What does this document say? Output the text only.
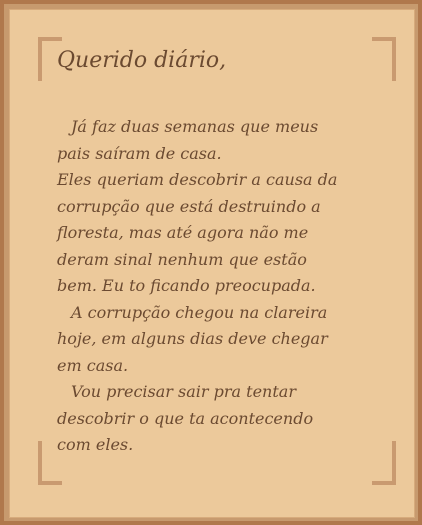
Querido diário,
Já faz duas semanas que meus
pais saíram de casa.
Eles queriam descobrir a causa da
corrupção que está destruindo a
floresta, mas até agora não me
deram sinal nenhum que estão
bem. Eu to ficando preocupada.
A corrupção chegou na clareira
hoje, em alguns dias deve chegar
em casa.
Vou precisar sair pra tentar
descobrir o que ta acontecendo
com eles.
